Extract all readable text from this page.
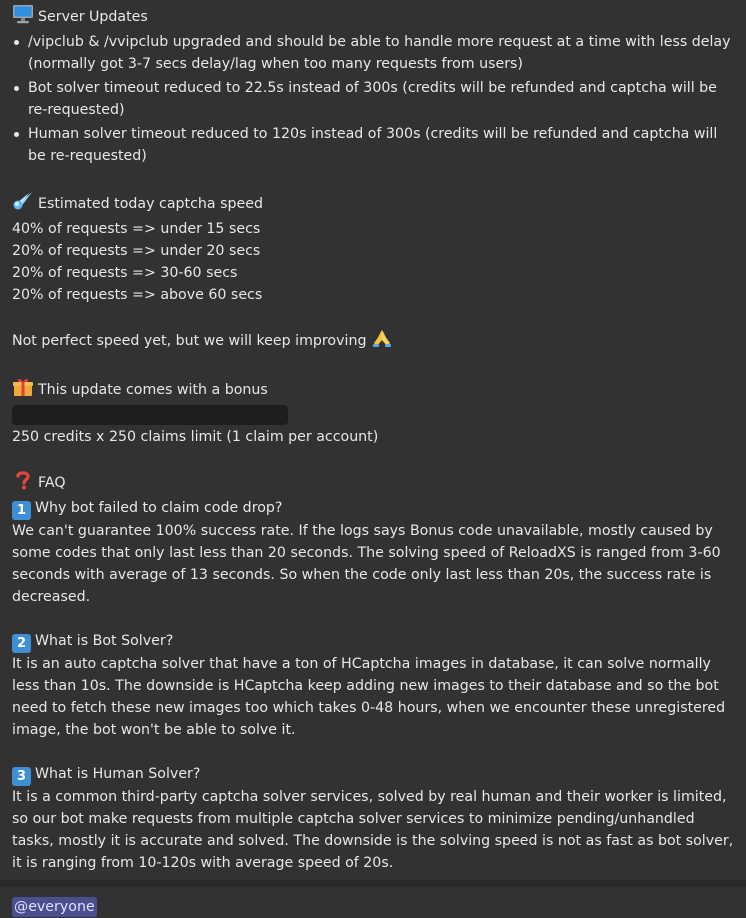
Server Updates
/vipclub & /vvipclub upgraded and should be able to handle more request at a time with less delay (normally got 3-7 secs delay/lag when too many requests from users)
Bot solver timeout reduced to 22.5s instead of 300s (credits will be refunded and captcha will be re-requested)
Human solver timeout reduced to 120s instead of 300s (credits will be refunded and captcha will be re-requested)
Estimated today captcha speed
40% of requests => under 15 secs
20% of requests => under 20 secs
20% of requests => 30-60 secs
20% of requests => above 60 secs
Not perfect speed yet, but we will keep improving
This update comes with a bonus
250 credits x 250 claims limit (1 claim per account)
FAQ
1 Why bot failed to claim code drop?
We can't guarantee 100% success rate. If the logs says Bonus code unavailable, mostly caused by some codes that only last less than 20 seconds. The solving speed of ReloadXS is ranged from 3-60 seconds with average of 13 seconds. So when the code only last less than 20s, the success rate is decreased.
2 What is Bot Solver?
It is an auto captcha solver that have a ton of HCaptcha images in database, it can solve normally less than 10s. The downside is HCaptcha keep adding new images to their database and so the bot need to fetch these new images too which takes 0-48 hours, when we encounter these unregistered image, the bot won't be able to solve it.
3 What is Human Solver?
It is a common third-party captcha solver services, solved by real human and their worker is limited, so our bot make requests from multiple captcha solver services to minimize pending/unhandled tasks, mostly it is accurate and solved. The downside is the solving speed is not as fast as bot solver, it is ranging from 10-120s with average speed of 20s.
@everyone
